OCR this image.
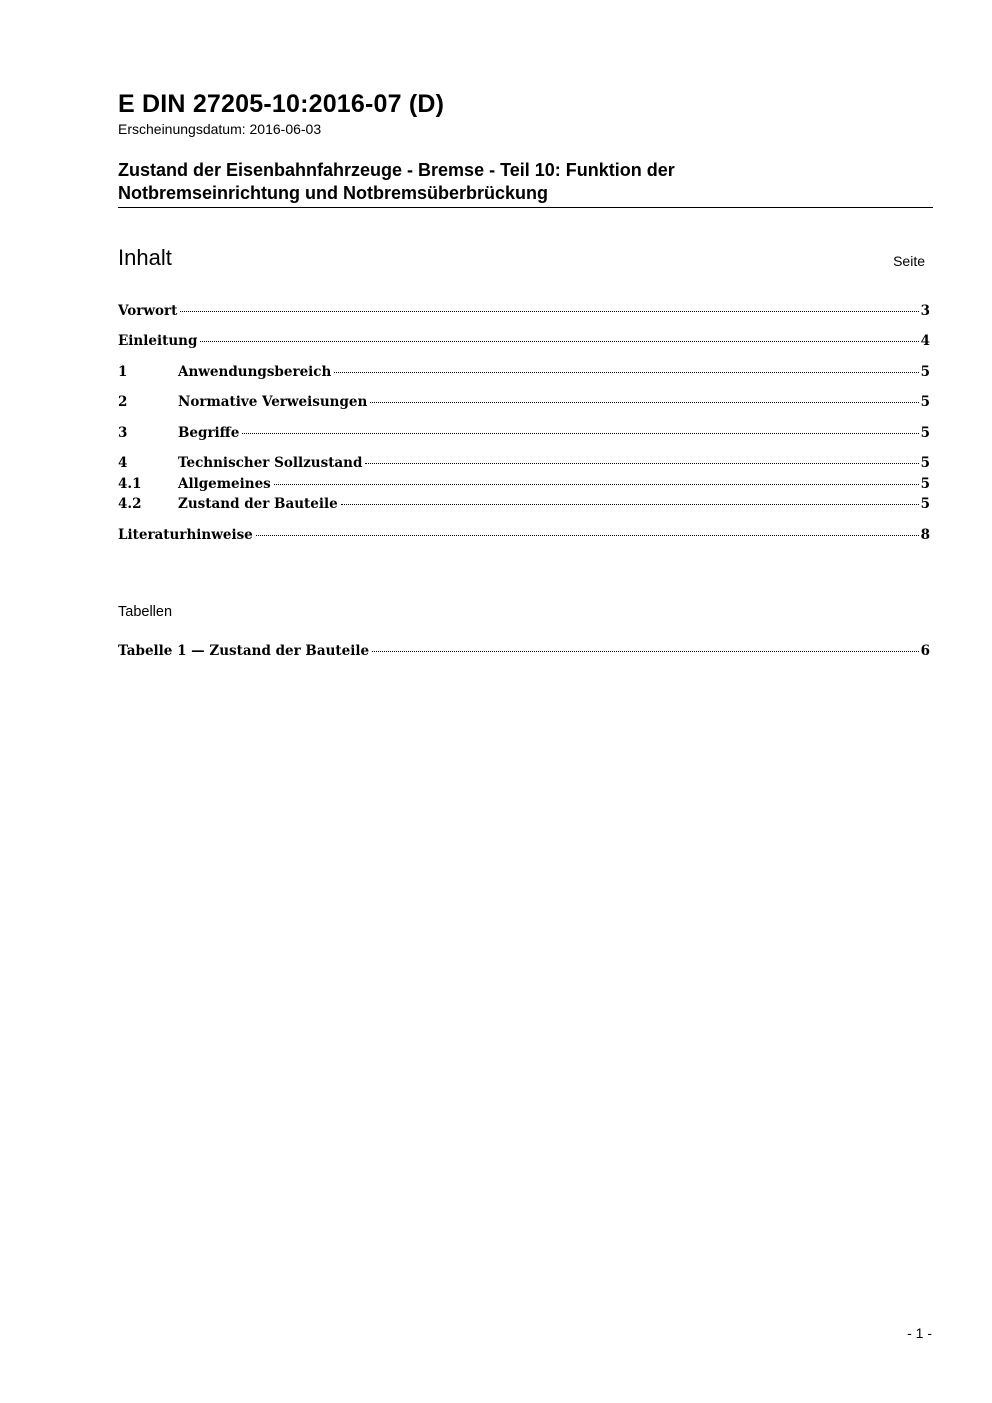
E DIN 27205-10:2016-07 (D)
Erscheinungsdatum: 2016-06-03
Zustand der Eisenbahnfahrzeuge - Bremse - Teil 10: Funktion der
Notbremseinrichtung und Notbremsüberbrückung
Inhalt	Seite
Vorwort	3
Einleitung	4
1	Anwendungsbereich	5
2	Normative Verweisungen	5
3	Begriffe	5
4	Technischer Sollzustand	5
4.1	Allgemeines	5
4.2	Zustand der Bauteile	5
Literaturhinweise	8
Tabellen
Tabelle 1 — Zustand der Bauteile	6
- 1 -
